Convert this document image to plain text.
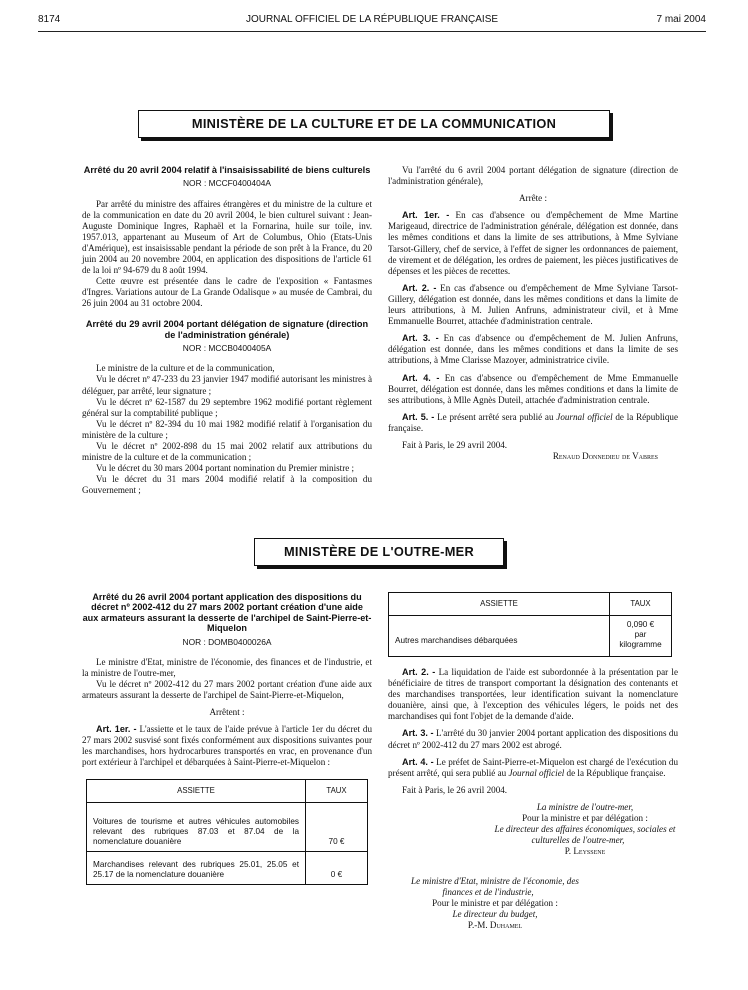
8174	JOURNAL OFFICIEL DE LA RÉPUBLIQUE FRANÇAISE	7 mai 2004
MINISTÈRE DE LA CULTURE ET DE LA COMMUNICATION

Arrêté du 20 avril 2004 relatif à l'insaisissabilité de biens culturels

NOR : MCCF0400404A

Par arrêté du ministre des affaires étrangères et du ministre de la culture et de la communication en date du 20 avril 2004, le bien culturel suivant : Jean-Auguste Dominique Ingres, Raphaël et la Fornarina, huile sur toile, inv. 1957.013, appartenant au Museum of Art de Columbus, Ohio (Etats-Unis d'Amérique), est insaisissable pendant la période de son prêt à la France, du 20 juin 2004 au 20 novembre 2004, en application des dispositions de l'article 61 de la loi nº 94-679 du 8 août 1994.

Cette œuvre est présentée dans le cadre de l'exposition « Fantasmes d'Ingres. Variations autour de La Grande Odalisque » au musée de Cambrai, du 26 juin 2004 au 31 octobre 2004.

Arrêté du 29 avril 2004 portant délégation de signature (direction de l'administration générale)

NOR : MCCB0400405A

Le ministre de la culture et de la communication,

Vu le décret nº 47-233 du 23 janvier 1947 modifié autorisant les ministres à déléguer, par arrêté, leur signature ;

Vu le décret nº 62-1587 du 29 septembre 1962 modifié portant règlement général sur la comptabilité publique ;

Vu le décret nº 82-394 du 10 mai 1982 modifié relatif à l'organisation du ministère de la culture ;

Vu le décret nº 2002-898 du 15 mai 2002 relatif aux attributions du ministre de la culture et de la communication ;

Vu le décret du 30 mars 2004 portant nomination du Premier ministre ;

Vu le décret du 31 mars 2004 modifié relatif à la composition du Gouvernement ;

Vu l'arrêté du 6 avril 2004 portant délégation de signature (direction de l'administration générale),

Arrête :

Art. 1er. - En cas d'absence ou d'empêchement de Mme Martine Marigeaud, directrice de l'administration générale, délégation est donnée, dans les mêmes conditions et dans la limite de ses attributions, à Mme Sylviane Tarsot-Gillery, chef de service, à l'effet de signer les ordonnances de paiement, de virement et de délégation, les ordres de paiement, les pièces justificatives de dépenses et les pièces de recettes.

Art. 2. - En cas d'absence ou d'empêchement de Mme Sylviane Tarsot-Gillery, délégation est donnée, dans les mêmes conditions et dans la limite de leurs attributions, à M. Julien Anfruns, administrateur civil, et à Mme Emmanuelle Bourret, attachée d'administration centrale.

Art. 3. - En cas d'absence ou d'empêchement de M. Julien Anfruns, délégation est donnée, dans les mêmes conditions et dans la limite de ses attributions, à Mme Clarisse Mazoyer, administratrice civile.

Art. 4. - En cas d'absence ou d'empêchement de Mme Emmanuelle Bourret, délégation est donnée, dans les mêmes conditions et dans la limite de ses attributions, à Mlle Agnès Duteil, attachée d'administration centrale.

Art. 5. - Le présent arrêté sera publié au Journal officiel de la République française.

Fait à Paris, le 29 avril 2004.

Renaud Donnedieu de Vabres

MINISTÈRE DE L'OUTRE-MER

Arrêté du 26 avril 2004 portant application des dispositions du décret nº 2002-412 du 27 mars 2002 portant création d'une aide aux armateurs assurant la desserte de l'archipel de Saint-Pierre-et-Miquelon

NOR : DOMB0400026A

Le ministre d'Etat, ministre de l'économie, des finances et de l'industrie, et la ministre de l'outre-mer,

Vu le décret nº 2002-412 du 27 mars 2002 portant création d'une aide aux armateurs assurant la desserte de l'archipel de Saint-Pierre-et-Miquelon,

Arrêtent :

Art. 1er. - L'assiette et le taux de l'aide prévue à l'article 1er du décret du 27 mars 2002 susvisé sont fixés conformément aux dispositions suivantes pour les marchandises, hors hydrocarbures transportés en vrac, en provenance d'un port extérieur à l'archipel et débarquées à Saint-Pierre-et-Miquelon :

ASSIETTE	TAUX
Voitures de tourisme et autres véhicules automobiles relevant des rubriques 87.03 et 87.04 de la nomenclature douanière	70 €
Marchandises relevant des rubriques 25.01, 25.05 et 25.17 de la nomenclature douanière	0 €
ASSIETTE	TAUX
Autres marchandises débarquées	0,090 €
par kilogramme

Art. 2. - La liquidation de l'aide est subordonnée à la présentation par le bénéficiaire de titres de transport comportant la désignation des contenants et des marchandises transportées, leur identification suivant la nomenclature douanière, ainsi que, à l'exception des véhicules légers, le poids net des marchandises qui font l'objet de la demande d'aide.

Art. 3. - L'arrêté du 30 janvier 2004 portant application des dispositions du décret nº 2002-412 du 27 mars 2002 est abrogé.

Art. 4. - Le préfet de Saint-Pierre-et-Miquelon est chargé de l'exécution du présent arrêté, qui sera publié au Journal officiel de la République française.

Fait à Paris, le 26 avril 2004.

La ministre de l'outre-mer,

Pour la ministre et par délégation :

Le directeur des affaires économiques, sociales et culturelles de l'outre-mer,

P. Leyssene

Le ministre d'Etat, ministre de l'économie, des finances et de l'industrie,

Pour le ministre et par délégation :

Le directeur du budget,

P.-M. Duhamel
